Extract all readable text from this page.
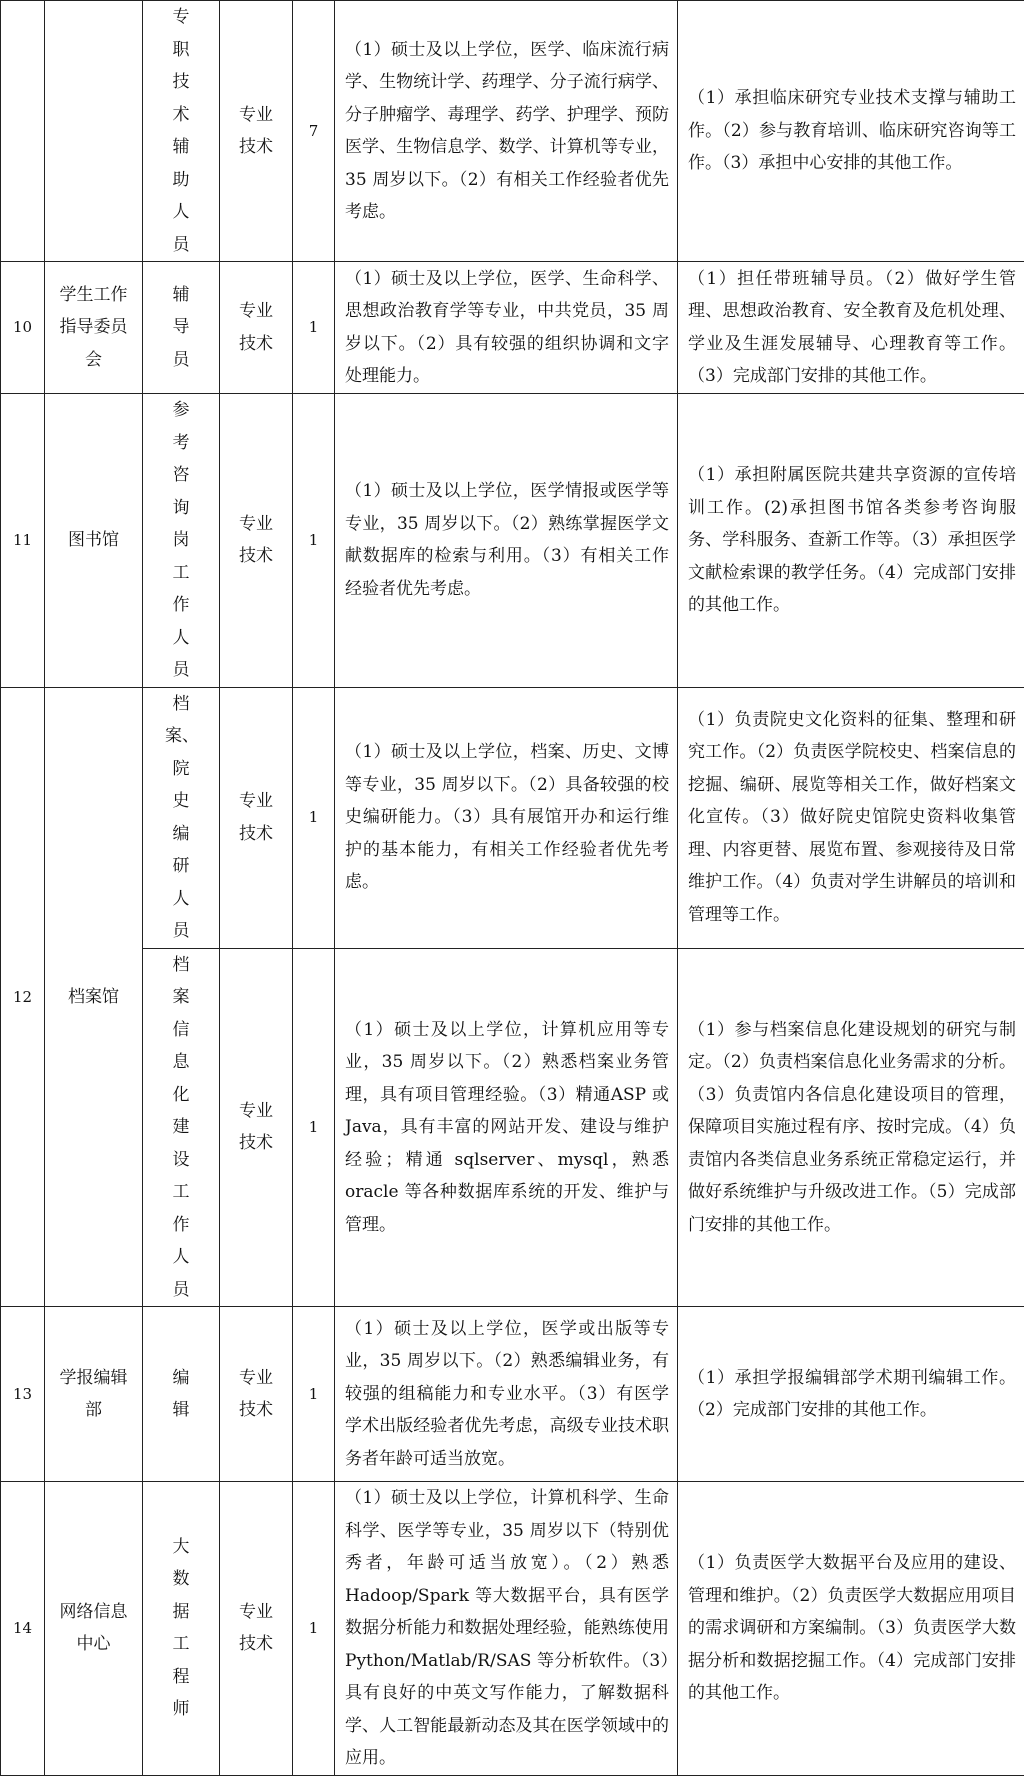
		专职技
术辅助
人员	专业
技术	7	（1）硕士及以上学位，医学、临床流行病学、生物统计学、药理学、分子流行病学、分子肿瘤学、毒理学、药学、护理学、预防医学、生物信息学、数学、计算机等专业，35 周岁以下。（2）有相关工作经验者优先考虑。	（1）承担临床研究专业技术支撑与辅助工作。（2）参与教育培训、临床研究咨询等工作。（3）承担中心安排的其他工作。
10	学生工作
指导委员
会	辅导员	专业
技术	1	（1）硕士及以上学位，医学、生命科学、思想政治教育学等专业，中共党员，35 周岁以下。（2）具有较强的组织协调和文字处理能力。	（1）担任带班辅导员。（2）做好学生管理、思想政治教育、安全教育及危机处理、学业及生涯发展辅导、心理教育等工作。（3）完成部门安排的其他工作。
11	图书馆	参考咨
询岗工
作人员	专业
技术	1	（1）硕士及以上学位，医学情报或医学等专业，35 周岁以下。（2）熟练掌握医学文献数据库的检索与利用。（3）有相关工作经验者优先考虑。	（1）承担附属医院共建共享资源的宣传培训工作。(2)承担图书馆各类参考咨询服务、学科服务、查新工作等。（3）承担医学文献检索课的教学任务。（4）完成部门安排的其他工作。
12	档案馆	档案、
院史编
研人员	专业
技术	1	（1）硕士及以上学位，档案、历史、文博等专业，35 周岁以下。（2）具备较强的校史编研能力。（3）具有展馆开办和运行维护的基本能力，有相关工作经验者优先考虑。	（1）负责院史文化资料的征集、整理和研究工作。（2）负责医学院校史、档案信息的挖掘、编研、展览等相关工作，做好档案文化宣传。（3）做好院史馆院史资料收集管理、内容更替、展览布置、参观接待及日常维护工作。（4）负责对学生讲解员的培训和管理等工作。
		档案信
息化建
设工作
人员	专业
技术	1	（1）硕士及以上学位，计算机应用等专业，35 周岁以下。（2）熟悉档案业务管理，具有项目管理经验。（3）精通ASP 或 Java，具有丰富的网站开发、建设与维护经验；精通 sqlserver、mysql，熟悉 oracle 等各种数据库系统的开发、维护与管理。	（1）参与档案信息化建设规划的研究与制定。（2）负责档案信息化业务需求的分析。（3）负责馆内各信息化建设项目的管理，保障项目实施过程有序、按时完成。（4）负责馆内各类信息业务系统正常稳定运行，并做好系统维护与升级改进工作。（5）完成部门安排的其他工作。
13	学报编辑
部	编辑	专业
技术	1	（1）硕士及以上学位，医学或出版等专业，35 周岁以下。（2）熟悉编辑业务，有较强的组稿能力和专业水平。（3）有医学学术出版经验者优先考虑，高级专业技术职务者年龄可适当放宽。	（1）承担学报编辑部学术期刊编辑工作。（2）完成部门安排的其他工作。
14	网络信息
中心	大数据
工程师	专业
技术	1	（1）硕士及以上学位，计算机科学、生命科学、医学等专业，35 周岁以下（特别优秀者，年龄可适当放宽）。（2）熟悉 Hadoop/Spark 等大数据平台，具有医学数据分析能力和数据处理经验，能熟练使用 Python/Matlab/R/SAS 等分析软件。（3）具有良好的中英文写作能力，了解数据科学、人工智能最新动态及其在医学领域中的应用。	（1）负责医学大数据平台及应用的建设、管理和维护。（2）负责医学大数据应用项目的需求调研和方案编制。（3）负责医学大数据分析和数据挖掘工作。（4）完成部门安排的其他工作。
